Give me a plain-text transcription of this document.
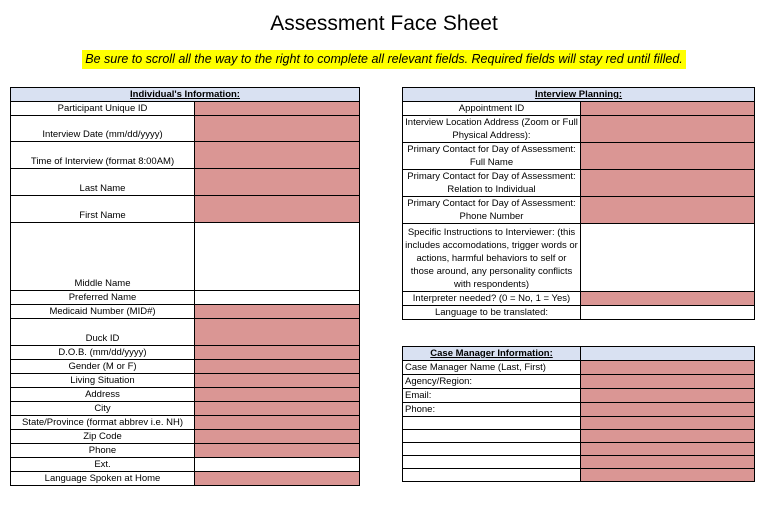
Assessment Face Sheet
Be sure to scroll all the way to the right to complete all relevant fields. Required fields will stay red until filled.
Individual's Information:	
Participant Unique ID	
Interview Date (mm/dd/yyyy)	
Time of Interview (format 8:00AM)	
Last Name	
First Name	
Middle Name	
Preferred Name	
Medicaid Number (MID#)	
Duck ID	
D.O.B. (mm/dd/yyyy)	
Gender (M or F)	
Living Situation	
Address	
City	
State/Province (format abbrev i.e. NH)	
Zip Code	
Phone	
Ext.	
Language Spoken at Home	
Interview Planning:	
Appointment ID	
Interview Location Address (Zoom or Full Physical Address):	
Primary Contact for Day of Assessment: Full Name	
Primary Contact for Day of Assessment: Relation to Individual	
Primary Contact for Day of Assessment: Phone Number	
Specific Instructions to Interviewer: (this includes accomodations, trigger words or actions, harmful behaviors to self or those around, any personality conflicts with respondents)	
Interpreter needed? (0 = No, 1 = Yes)	
Language to be translated:	
Case Manager Information:	
Case Manager Name (Last, First)	
Agency/Region:	
Email:	
Phone:	
